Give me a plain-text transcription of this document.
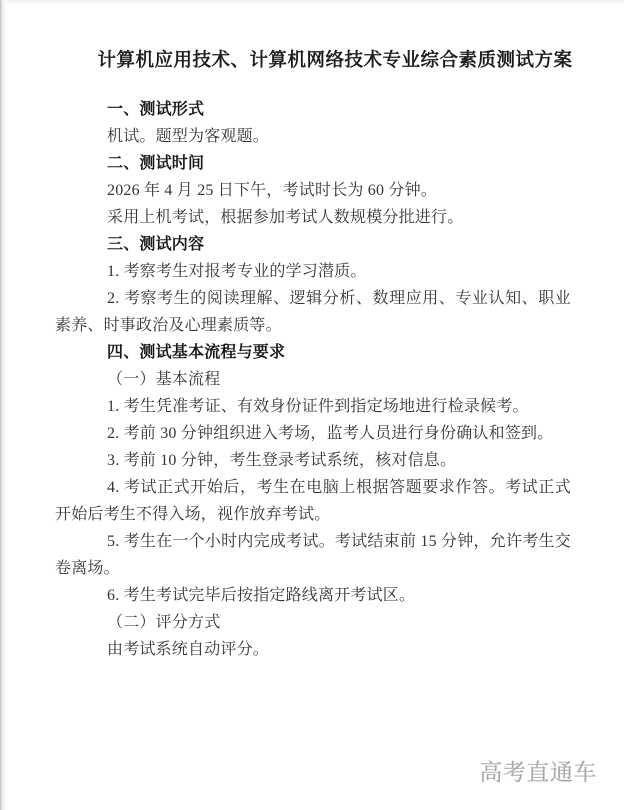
计算机应用技术、计算机网络技术专业综合素质测试方案

一、测试形式

机试。题型为客观题。

二、测试时间

2026 年 4 月 25 日下午，考试时长为 60 分钟。

采用上机考试，根据参加考试人数规模分批进行。

三、测试内容

1. 考察考生对报考专业的学习潜质。

2. 考察考生的阅读理解、逻辑分析、数理应用、专业认知、职业素养、时事政治及心理素质等。

四、测试基本流程与要求

（一）基本流程

1. 考生凭准考证、有效身份证件到指定场地进行检录候考。

2. 考前 30 分钟组织进入考场，监考人员进行身份确认和签到。

3. 考前 10 分钟，考生登录考试系统，核对信息。

4. 考试正式开始后，考生在电脑上根据答题要求作答。考试正式开始后考生不得入场，视作放弃考试。

5. 考生在一个小时内完成考试。考试结束前 15 分钟，允许考生交卷离场。

6. 考生考试完毕后按指定路线离开考试区。

（二）评分方式

由考试系统自动评分。

高考直通车
